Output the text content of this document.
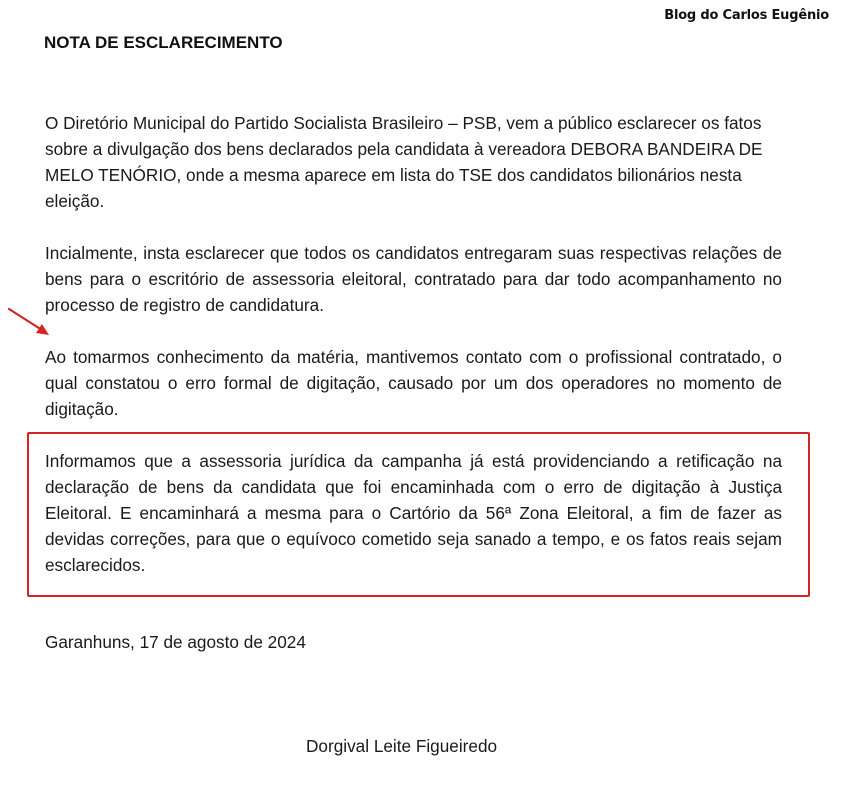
Blog do Carlos Eugênio
NOTA DE ESCLARECIMENTO

O Diretório Municipal do Partido Socialista Brasileiro – PSB, vem a público esclarecer os fatos sobre a divulgação dos bens declarados pela candidata à vereadora DEBORA BANDEIRA DE MELO TENÓRIO, onde a mesma aparece em lista do TSE dos candidatos bilionários nesta eleição.

Incialmente, insta esclarecer que todos os candidatos entregaram suas respectivas relações de bens para o escritório de assessoria eleitoral, contratado para dar todo acompanhamento no processo de registro de candidatura.

Ao tomarmos conhecimento da matéria, mantivemos contato com o profissional contratado, o qual constatou o erro formal de digitação, causado por um dos operadores no momento de digitação.

Informamos que a assessoria jurídica da campanha já está providenciando a retificação na declaração de bens da candidata que foi encaminhada com o erro de digitação à Justiça Eleitoral. E encaminhará a mesma para o Cartório da 56ª Zona Eleitoral, a fim de fazer as devidas correções, para que o equívoco cometido seja sanado a tempo, e os fatos reais sejam esclarecidos.

Garanhuns, 17 de agosto de 2024
Dorgival Leite Figueiredo
